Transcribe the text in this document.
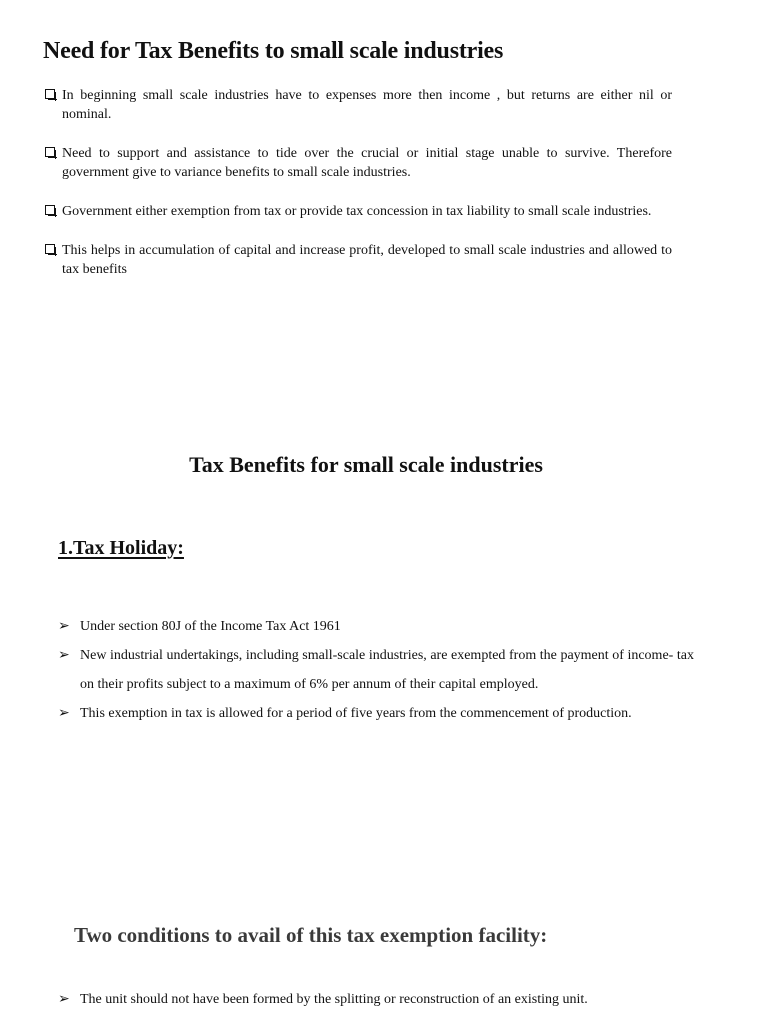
Need for Tax Benefits to small scale industries
In beginning small scale industries have to expenses more then income , but returns are either nil or nominal.
Need to support and assistance to tide over the crucial or initial stage unable to survive. Therefore government give to variance benefits to small scale industries.
Government either exemption from tax or provide tax concession in tax liability to small scale industries.
This helps in accumulation of capital and increase profit, developed to small scale industries and allowed to tax benefits
Tax Benefits for small scale industries
1.Tax Holiday:
➢ Under section 80J of the Income Tax Act 1961
➢ New industrial undertakings, including small-scale industries, are exempted from the payment of income- tax on their profits subject to a maximum of 6% per annum of their capital employed.
➢ This exemption in tax is allowed for a period of five years from the commencement of production.
Two conditions to avail of this tax exemption facility:
➢ The unit should not have been formed by the splitting or reconstruction of an existing unit.
